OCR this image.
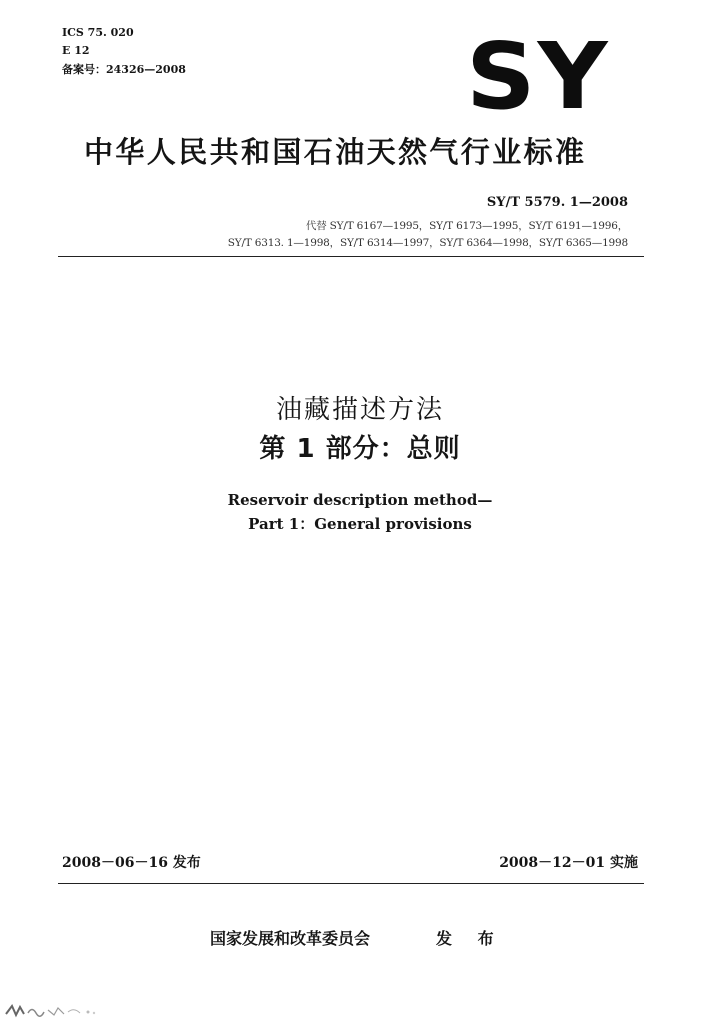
ICS 75. 020
E 12
备案号：24326—2008	SY
中华人民共和国石油天然气行业标准
SY/T 5579. 1—2008
代替 SY/T 6167—1995，SY/T 6173—1995，SY/T 6191—1996，
SY/T 6313. 1—1998，SY/T 6314—1997，SY/T 6364—1998，SY/T 6365—1998
油藏描述方法
第 1 部分：总则
Reservoir description method—
Part 1：General provisions
2008－06－16 发布	2008－12－01 实施
国家发展和改革委员会	发 布
